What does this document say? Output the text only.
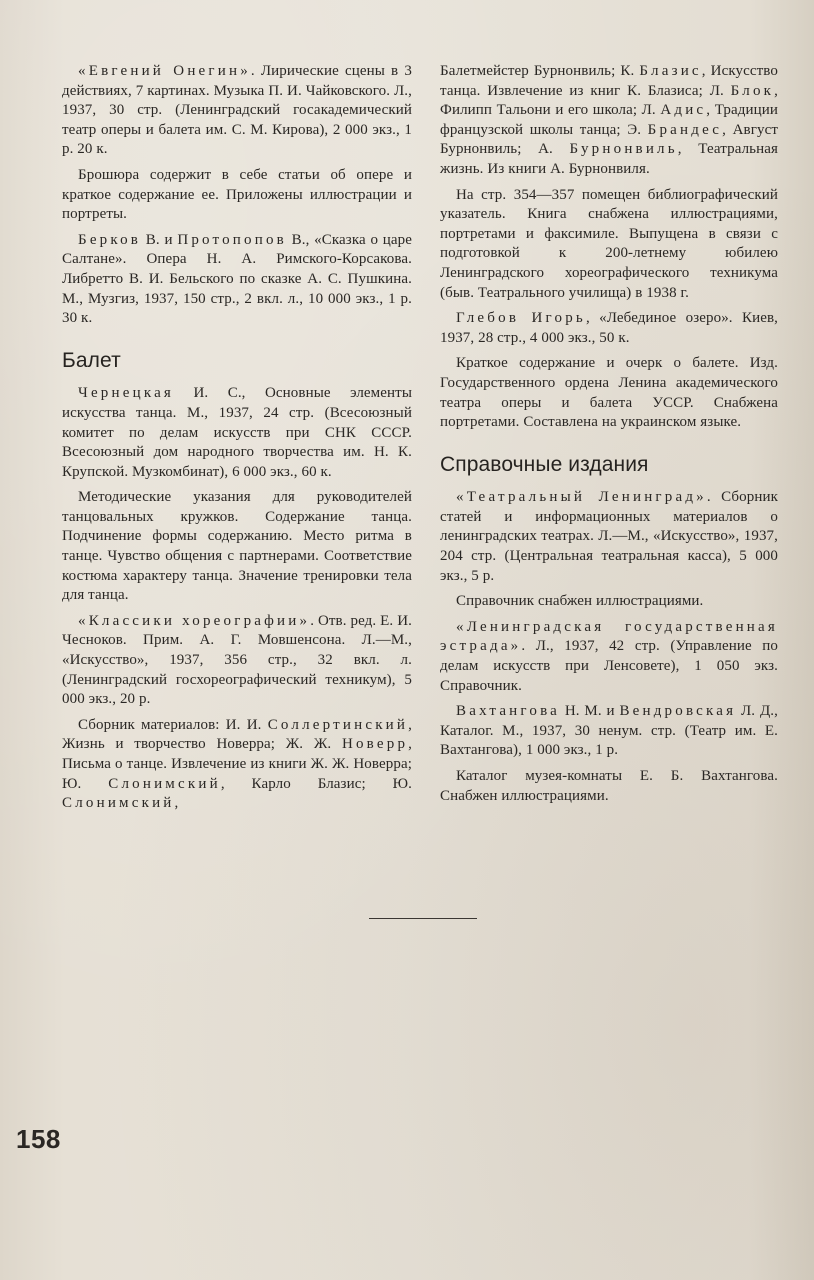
«Евгений Онегин». Лирические сцены в 3 действиях, 7 картинах. Музыка П. И. Чайковского. Л., 1937, 30 стр. (Ленинградский госакадемический театр оперы и балета им. С. М. Кирова), 2 000 экз., 1 р. 20 к.

Брошюра содержит в себе статьи об опере и краткое содержание ее. Приложены иллюстрации и портреты.

Берков В. и Протопопов В., «Сказка о царе Салтане». Опера Н. А. Римского-Корсакова. Либретто В. И. Бельского по сказке А. С. Пушкина. М., Музгиз, 1937, 150 стр., 2 вкл. л., 10 000 экз., 1 р. 30 к.

Балет

Чернецкая И. С., Основные элементы искусства танца. М., 1937, 24 стр. (Всесоюзный комитет по делам искусств при СНК СССР. Всесоюзный дом народного творчества им. Н. К. Крупской. Музкомбинат), 6 000 экз., 60 к.

Методические указания для руководителей танцовальных кружков. Содержание танца. Подчинение формы содержанию. Место ритма в танце. Чувство общения с партнерами. Соответствие костюма характеру танца. Значение тренировки тела для танца.

«Классики хореографии». Отв. ред. Е. И. Чесноков. Прим. А. Г. Мовшенсона. Л.—М., «Искусство», 1937, 356 стр., 32 вкл. л. (Ленинградский госхореографический техникум), 5 000 экз., 20 р.

Сборник материалов: И. И. Соллертинский, Жизнь и творчество Новерра; Ж. Ж. Новерр, Письма о танце. Извлечение из книги Ж. Ж. Новерра; Ю. Слонимский, Карло Блазис; Ю. Слонимский,

Балетмейстер Бурнонвиль; К. Блазис, Искусство танца. Извлечение из книг К. Блазиса; Л. Блок, Филипп Тальони и его школа; Л. Адис, Традиции французской школы танца; Э. Брандес, Август Бурнонвиль; А. Бурнонвиль, Театральная жизнь. Из книги А. Бурнонвиля.

На стр. 354—357 помещен библиографический указатель. Книга снабжена иллюстрациями, портретами и факсимиле. Выпущена в связи с подготовкой к 200-летнему юбилею Ленинградского хореографического техникума (быв. Театрального училища) в 1938 г.

Глебов Игорь, «Лебединое озеро». Киев, 1937, 28 стр., 4 000 экз., 50 к.

Краткое содержание и очерк о балете. Изд. Государственного ордена Ленина академического театра оперы и балета УССР. Снабжена портретами. Составлена на украинском языке.

Справочные издания

«Театральный Ленинград». Сборник статей и информационных материалов о ленинградских театрах. Л.—М., «Искусство», 1937, 204 стр. (Центральная театральная касса), 5 000 экз., 5 р.

Справочник снабжен иллюстрациями.

«Ленинградская государственная эстрада». Л., 1937, 42 стр. (Управление по делам искусств при Ленсовете), 1 050 экз. Справочник.

Вахтангова Н. М. и Вендровская Л. Д., Каталог. М., 1937, 30 ненум. стр. (Театр им. Е. Вахтангова), 1 000 экз., 1 р.

Каталог музея-комнаты Е. Б. Вахтангова. Снабжен иллюстрациями.

158
